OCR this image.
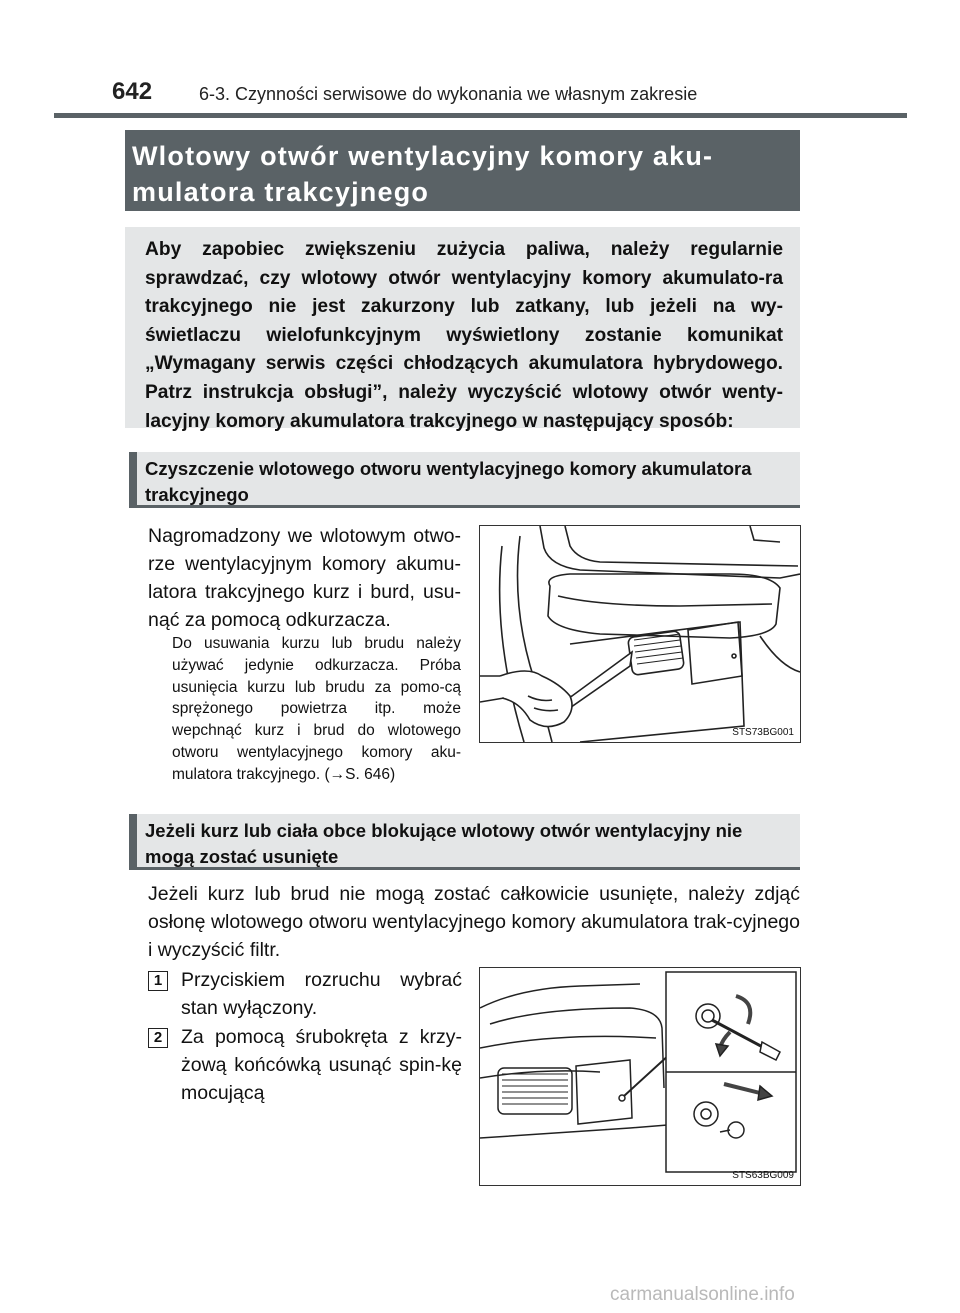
642	6-3. Czynności serwisowe do wykonania we własnym zakresie
Wlotowy otwór wentylacyjny komory aku-
mulatora trakcyjnego
Aby zapobiec zwiększeniu zużycia paliwa, należy regularnie sprawdzać, czy wlotowy otwór wentylacyjny komory akumulato-ra trakcyjnego nie jest zakurzony lub zatkany, lub jeżeli na wy-świetlaczu wielofunkcyjnym wyświetlony zostanie komunikat „Wymagany serwis części chłodzących akumulatora hybrydowego. Patrz instrukcja obsługi”, należy wyczyścić wlotowy otwór wenty-lacyjny komory akumulatora trakcyjnego w następujący sposób:
Czyszczenie wlotowego otworu wentylacyjnego komory akumulatora trakcyjnego
Nagromadzony we wlotowym otwo-rze wentylacyjnym komory akumu-latora trakcyjnego kurz i burd, usu-nąć za pomocą odkurzacza.
Do usuwania kurzu lub brudu należy używać jedynie odkurzacza. Próba usunięcia kurzu lub brudu za pomo-cą sprężonego powietrza itp. może wepchnąć kurz i brud do wlotowego otworu wentylacyjnego komory aku-mulatora trakcyjnego. (→S. 646)
STS73BG001
Jeżeli kurz lub ciała obce blokujące wlotowy otwór wentylacyjny nie mogą zostać usunięte
Jeżeli kurz lub brud nie mogą zostać całkowicie usunięte, należy zdjąć osłonę wlotowego otworu wentylacyjnego komory akumulatora trak-cyjnego i wyczyścić filtr.
1 Przyciskiem rozruchu wybrać stan wyłączony.
2 Za pomocą śrubokręta z krzy-żową końcówką usunąć spin-kę mocującą
STS63BG009
carmanualsonline.info
